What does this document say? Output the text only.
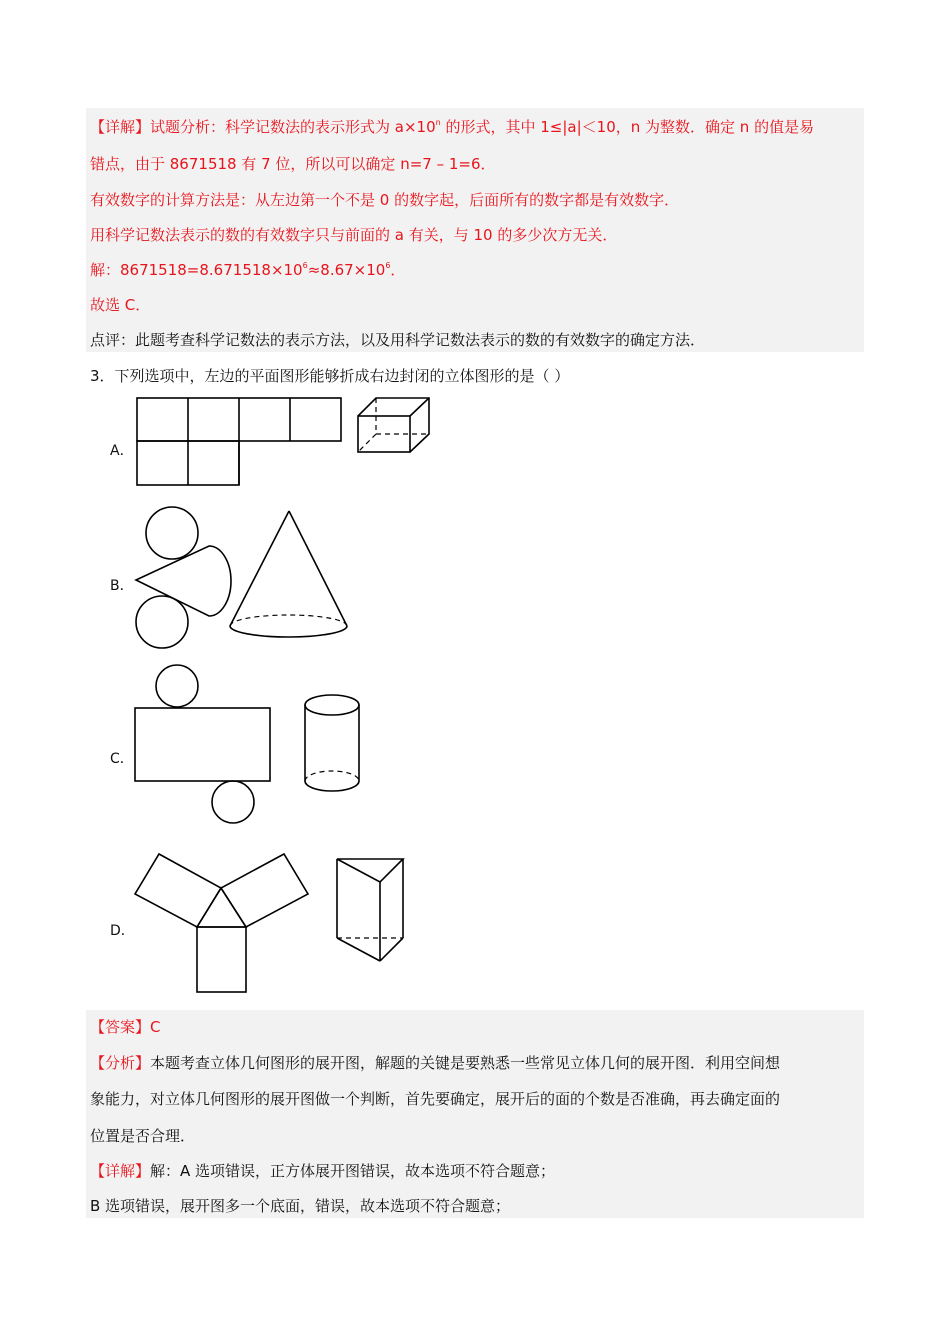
【详解】试题分析：科学记数法的表示形式为 $a\times 10^n$ 的形式，其中 1≤|a|＜10，n 为整数．确定 n 的值是易
错点，由于 8671518 有 7 位，所以可以确定 n=7 – 1=6．
有效数字的计算方法是：从左边第一个不是 0 的数字起，后面所有的数字都是有效数字．
用科学记数法表示的数的有效数字只与前面的 a 有关，与 10 的多少次方无关．
解：$8671518=8.671518\times 10^6\approx 8.67\times 10^6$．
故选 C．
点评：此题考查科学记数法的表示方法，以及用科学记数法表示的数的有效数字的确定方法．
3．下列选项中，左边的平面图形能够折成右边封闭的立体图形的是（ ）
A．
B．
C．
D．
【答案】C
【分析】本题考查立体几何图形的展开图，解题的关键是要熟悉一些常见立体几何的展开图．利用空间想
象能力，对立体几何图形的展开图做一个判断，首先要确定，展开后的面的个数是否准确，再去确定面的
位置是否合理．
【详解】解：A 选项错误，正方体展开图错误，故本选项不符合题意；
B 选项错误，展开图多一个底面，错误，故本选项不符合题意；
